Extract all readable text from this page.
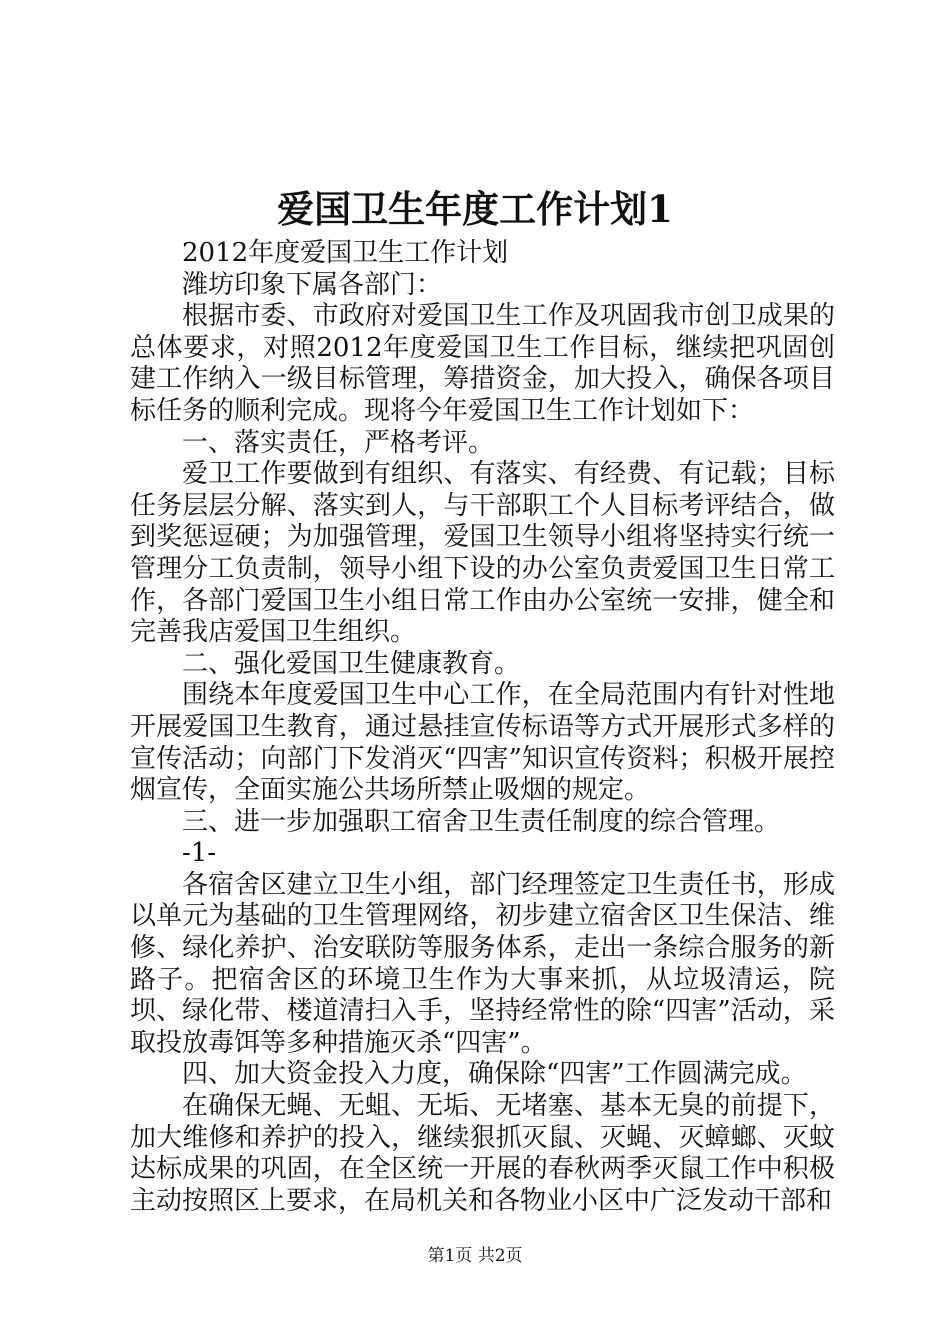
爱国卫生年度工作计划1

2012年度爱国卫生工作计划

潍坊印象下属各部门：

根据市委、市政府对爱国卫生工作及巩固我市创卫成果的总体要求，对照2012年度爱国卫生工作目标，继续把巩固创建工作纳入一级目标管理，筹措资金，加大投入，确保各项目标任务的顺利完成。现将今年爱国卫生工作计划如下：

一、落实责任，严格考评。

爱卫工作要做到有组织、有落实、有经费、有记载；目标任务层层分解、落实到人，与干部职工个人目标考评结合，做到奖惩逗硬；为加强管理，爱国卫生领导小组将坚持实行统一管理分工负责制，领导小组下设的办公室负责爱国卫生日常工作，各部门爱国卫生小组日常工作由办公室统一安排，健全和完善我店爱国卫生组织。

二、强化爱国卫生健康教育。

围绕本年度爱国卫生中心工作，在全局范围内有针对性地开展爱国卫生教育，通过悬挂宣传标语等方式开展形式多样的宣传活动；向部门下发消灭“四害”知识宣传资料；积极开展控烟宣传，全面实施公共场所禁止吸烟的规定。

三、进一步加强职工宿舍卫生责任制度的综合管理。

-1-

各宿舍区建立卫生小组，部门经理签定卫生责任书，形成以单元为基础的卫生管理网络，初步建立宿舍区卫生保洁、维修、绿化养护、治安联防等服务体系，走出一条综合服务的新路子。把宿舍区的环境卫生作为大事来抓，从垃圾清运，院坝、绿化带、楼道清扫入手，坚持经常性的除“四害”活动，采取投放毒饵等多种措施灭杀“四害”。

四、加大资金投入力度，确保除“四害”工作圆满完成。

在确保无蝇、无蛆、无垢、无堵塞、基本无臭的前提下，加大维修和养护的投入，继续狠抓灭鼠、灭蝇、灭蟑螂、灭蚊达标成果的巩固，在全区统一开展的春秋两季灭鼠工作中积极主动按照区上要求，在局机关和各物业小区中广泛发动干部和

第1页 共2页
